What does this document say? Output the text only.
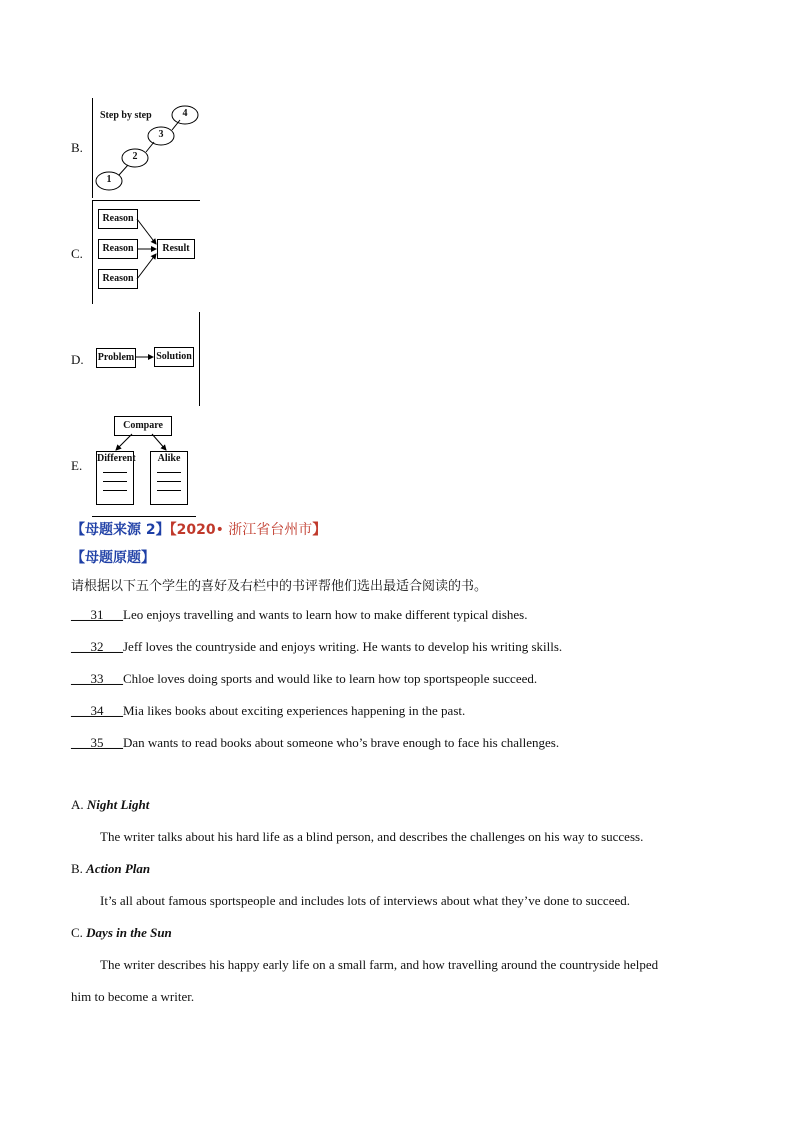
B.
Step by step
1
2
3
4
C.
Reason
Reason
Reason
Result
D. Problem Solution
E.
Compare
Different	Alike
【母题来源 2】【2020• 浙江省台州市】
【母题原题】
请根据以下五个学生的喜好及右栏中的书评帮他们选出最适合阅读的书。
___31___Leo enjoys travelling and wants to learn how to make different typical dishes.
___32___Jeff loves the countryside and enjoys writing. He wants to develop his writing skills.
___33___Chloe loves doing sports and would like to learn how top sportspeople succeed.
___34___Mia likes books about exciting experiences happening in the past.
___35___Dan wants to read books about someone who’s brave enough to face his challenges.
A. Night Light
The writer talks about his hard life as a blind person, and describes the challenges on his way to success.
B. Action Plan
It’s all about famous sportspeople and includes lots of interviews about what they’ve done to succeed.
C. Days in the Sun
The writer describes his happy early life on a small farm, and how travelling around the countryside helped
him to become a writer.
